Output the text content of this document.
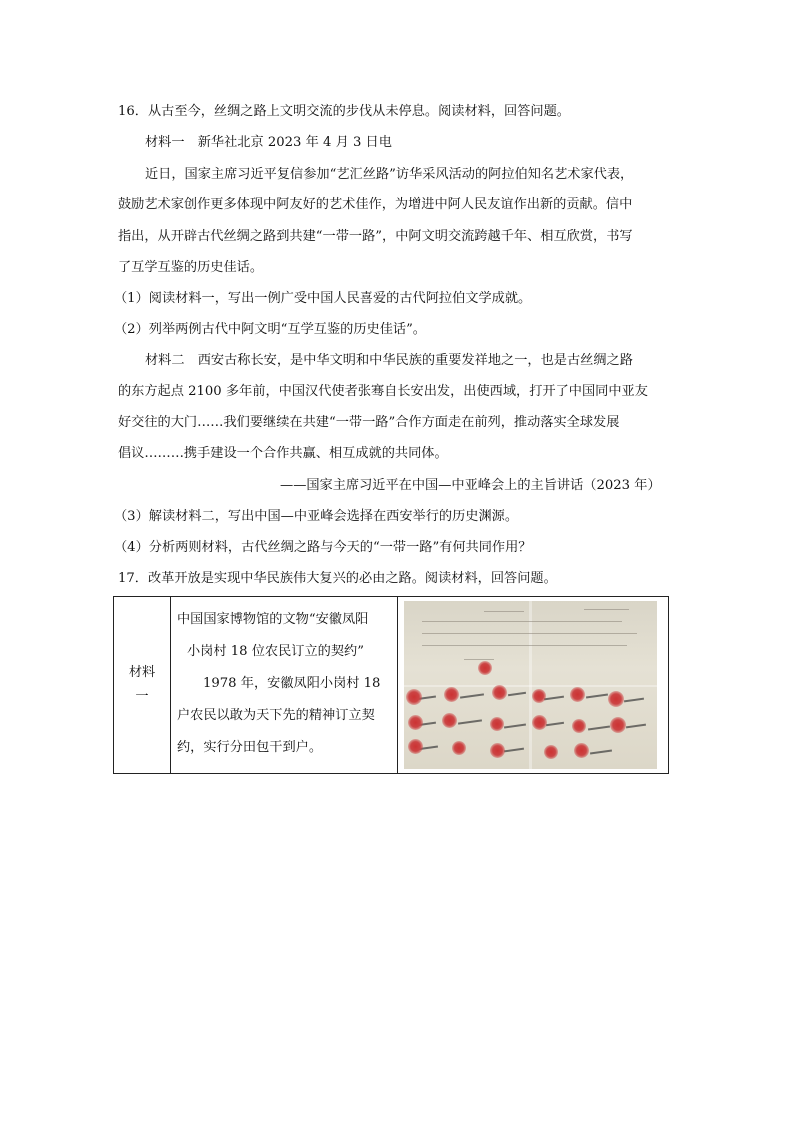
16．从古至今，丝绸之路上文明交流的步伐从未停息。阅读材料，回答问题。
材料一　新华社北京 2023 年 4 月 3 日电
近日，国家主席习近平复信参加“艺汇丝路”访华采风活动的阿拉伯知名艺术家代表，
鼓励艺术家创作更多体现中阿友好的艺术佳作，为增进中阿人民友谊作出新的贡献。信中
指出，从开辟古代丝绸之路到共建“一带一路”，中阿文明交流跨越千年、相互欣赏，书写
了互学互鉴的历史佳话。
（1）阅读材料一，写出一例广受中国人民喜爱的古代阿拉伯文学成就。
（2）列举两例古代中阿文明“互学互鉴的历史佳话”。
材料二　西安古称长安，是中华文明和中华民族的重要发祥地之一，也是古丝绸之路
的东方起点 2100 多年前，中国汉代使者张骞自长安出发，出使西域，打开了中国同中亚友
好交往的大门……我们要继续在共建“一带一路”合作方面走在前列，推动落实全球发展
倡议………携手建设一个合作共赢、相互成就的共同体。
——国家主席习近平在中国—中亚峰会上的主旨讲话（2023 年）
（3）解读材料二，写出中国—中亚峰会选择在西安举行的历史渊源。
（4）分析两则材料，古代丝绸之路与今天的“一带一路”有何共同作用？
17．改革开放是实现中华民族伟大复兴的必由之路。阅读材料，回答问题。
材料
一

中国国家博物馆的文物“安徽凤阳
小岗村 18 位农民订立的契约”
1978 年，安徽凤阳小岗村 18
户农民以敢为天下先的精神订立契
约，实行分田包干到户。
